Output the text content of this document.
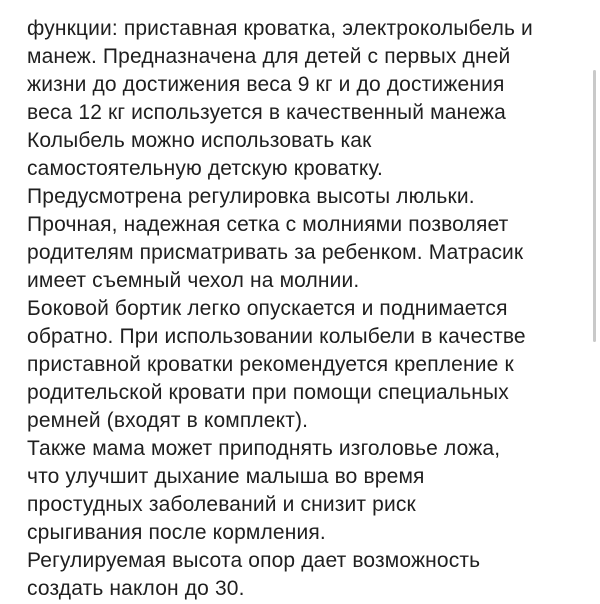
функции: приставная кроватка, электроколыбель и
манеж. Предназначена для детей с первых дней
жизни до достижения веса 9 кг и до достижения
веса 12 кг используется в качественный манежа
Колыбель можно использовать как
самостоятельную детскую кроватку.
Предусмотрена регулировка высоты люльки.
Прочная, надежная сетка с молниями позволяет
родителям присматривать за ребенком. Матрасик
имеет съемный чехол на молнии.
Боковой бортик легко опускается и поднимается
обратно. При использовании колыбели в качестве
приставной кроватки рекомендуется крепление к
родительской кровати при помощи специальных
ремней (входят в комплект).
Также мама может приподнять изголовье ложа,
что улучшит дыхание малыша во время
простудных заболеваний и снизит риск
срыгивания после кормления.
Регулируемая высота опор дает возможность
создать наклон до 30.
